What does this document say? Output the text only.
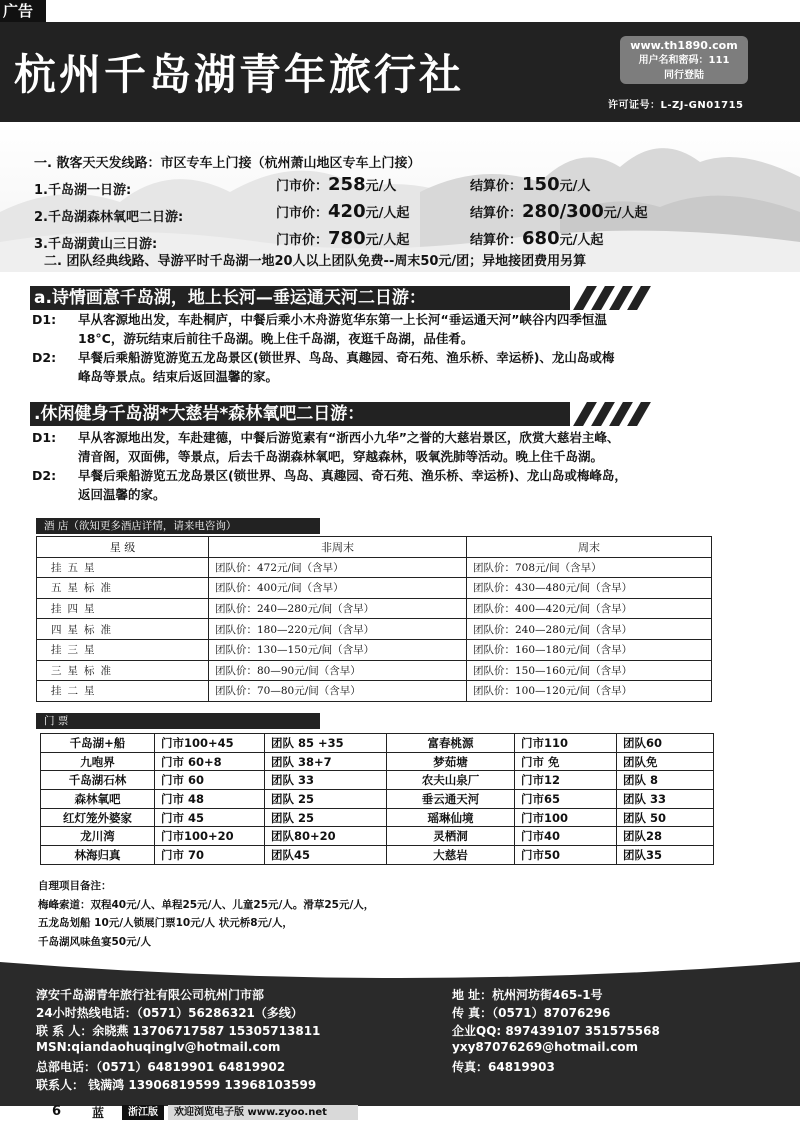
广告
杭州千岛湖青年旅行社
www.th1890.com
用户名和密码：111
同行登陆
许可证号：L-ZJ-GN01715
一. 散客天天发线路：市区专车上门接（杭州萧山地区专车上门接）
1.千岛湖一日游:	门市价：258元/人	结算价：150元/人
2.千岛湖森林氧吧二日游:	门市价：420元/人起	结算价：280/300元/人起
3.千岛湖黄山三日游:	门市价：780元/人起	结算价：680元/人起
二. 团队经典线路、导游平时千岛湖一地20人以上团队免费--周末50元/团；异地接团费用另算
a.诗情画意千岛湖，地上长河—垂运通天河二日游：
D1: 早从客源地出发，车赴桐庐，中餐后乘小木舟游览华东第一上长河“垂运通天河”峡谷内四季恒温
18°C，游玩结束后前往千岛湖。晚上住千岛湖，夜逛千岛湖，品佳肴。
D2: 早餐后乘船游览游览五龙岛景区(锁世界、鸟岛、真趣园、奇石苑、渔乐桥、幸运桥)、龙山岛或梅
峰岛等景点。结束后返回温馨的家。
.休闲健身千岛湖*大慈岩*森林氧吧二日游：
D1: 早从客源地出发，车赴建德，中餐后游览素有“浙西小九华”之誉的大慈岩景区，欣赏大慈岩主峰、
清音阁，双面佛，等景点，后去千岛湖森林氧吧，穿越森林，吸氧洗肺等活动。晚上住千岛湖。
D2: 早餐后乘船游览五龙岛景区(锁世界、鸟岛、真趣园、奇石苑、渔乐桥、幸运桥)、龙山岛或梅峰岛，
返回温馨的家。
酒 店（欲知更多酒店详情，请来电咨询）
星 级	非周末	周末
挂五星	团队价：472元/间（含早）	团队价：708元/间（含早）
五星标准	团队价：400元/间（含早）	团队价：430—480元/间（含早）
挂四星	团队价：240—280元/间（含早）	团队价：400—420元/间（含早）
四星标准	团队价：180—220元/间（含早）	团队价：240—280元/间（含早）
挂三星	团队价：130—150元/间（含早）	团队价：160—180元/间（含早）
三星标准	团队价：80—90元/间（含早）	团队价：150—160元/间（含早）
挂二星	团队价：70—80元/间（含早）	团队价：100—120元/间（含早）
门 票
千岛湖+船	门市100+45	团队 85 +35	富春桃源	门市110	团队60
九咆界	门市 60+8	团队 38+7	梦茹塘	门市 免	团队免
千岛湖石林	门市 60	团队 33	农夫山泉厂	门市12	团队 8
森林氧吧	门市 48	团队 25	垂云通天河	门市65	团队 33
红灯笼外婆家	门市 45	团队 25	瑶琳仙境	门市100	团队 50
龙川湾	门市100+20	团队80+20	灵栖洞	门市40	团队28
林海归真	门市 70	团队45	大慈岩	门市50	团队35
自理项目备注：
梅峰索道：双程40元/人、单程25元/人、儿童25元/人。滑草25元/人，
五龙岛划船 10元/人锁展门票10元/人 状元桥8元/人，
千岛湖风味鱼宴50元/人
淳安千岛湖青年旅行社有限公司杭州门市部
24小时热线电话：（0571）56286321（多线）
联 系 人：余晓燕 13706717587 15305713811
MSN:qiandaohuqinglv@hotmail.com
总部电话：（0571）64819901 64819902
联系人： 钱满鸿 13906819599 13968103599
地 址：杭州河坊街465-1号
传 真：（0571）87076296
企业QQ: 897439107 351575568
yxy87076269@hotmail.com
传真：64819903
6	蓝	浙江版	欢迎浏览电子版 www.zyoo.net
